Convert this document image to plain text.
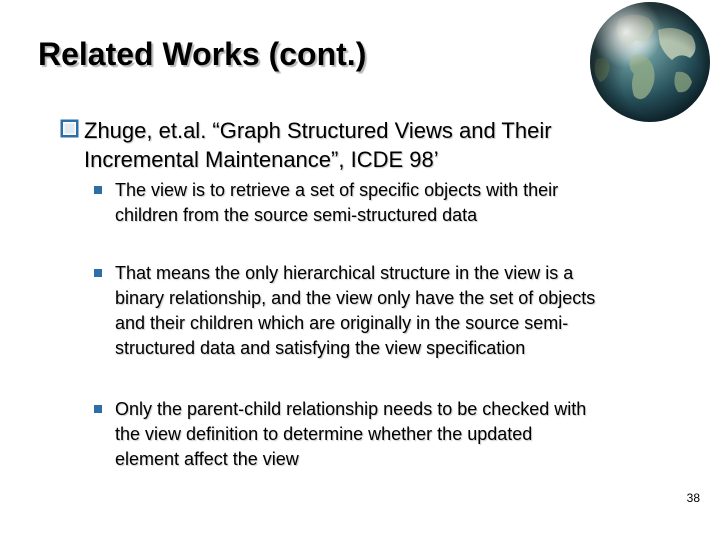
Related Works (cont.)
Zhuge, et.al. “Graph Structured Views and Their
Incremental Maintenance”, ICDE 98’
The view is to retrieve a set of specific objects with their
children from the source semi-structured data
That means the only hierarchical structure in the view is a
binary relationship, and the view only have the set of objects
and their children which are originally in the source semi-
structured data and satisfying the view specification
Only the parent-child relationship needs to be checked with
the view definition to determine whether the updated
element affect the view
38
